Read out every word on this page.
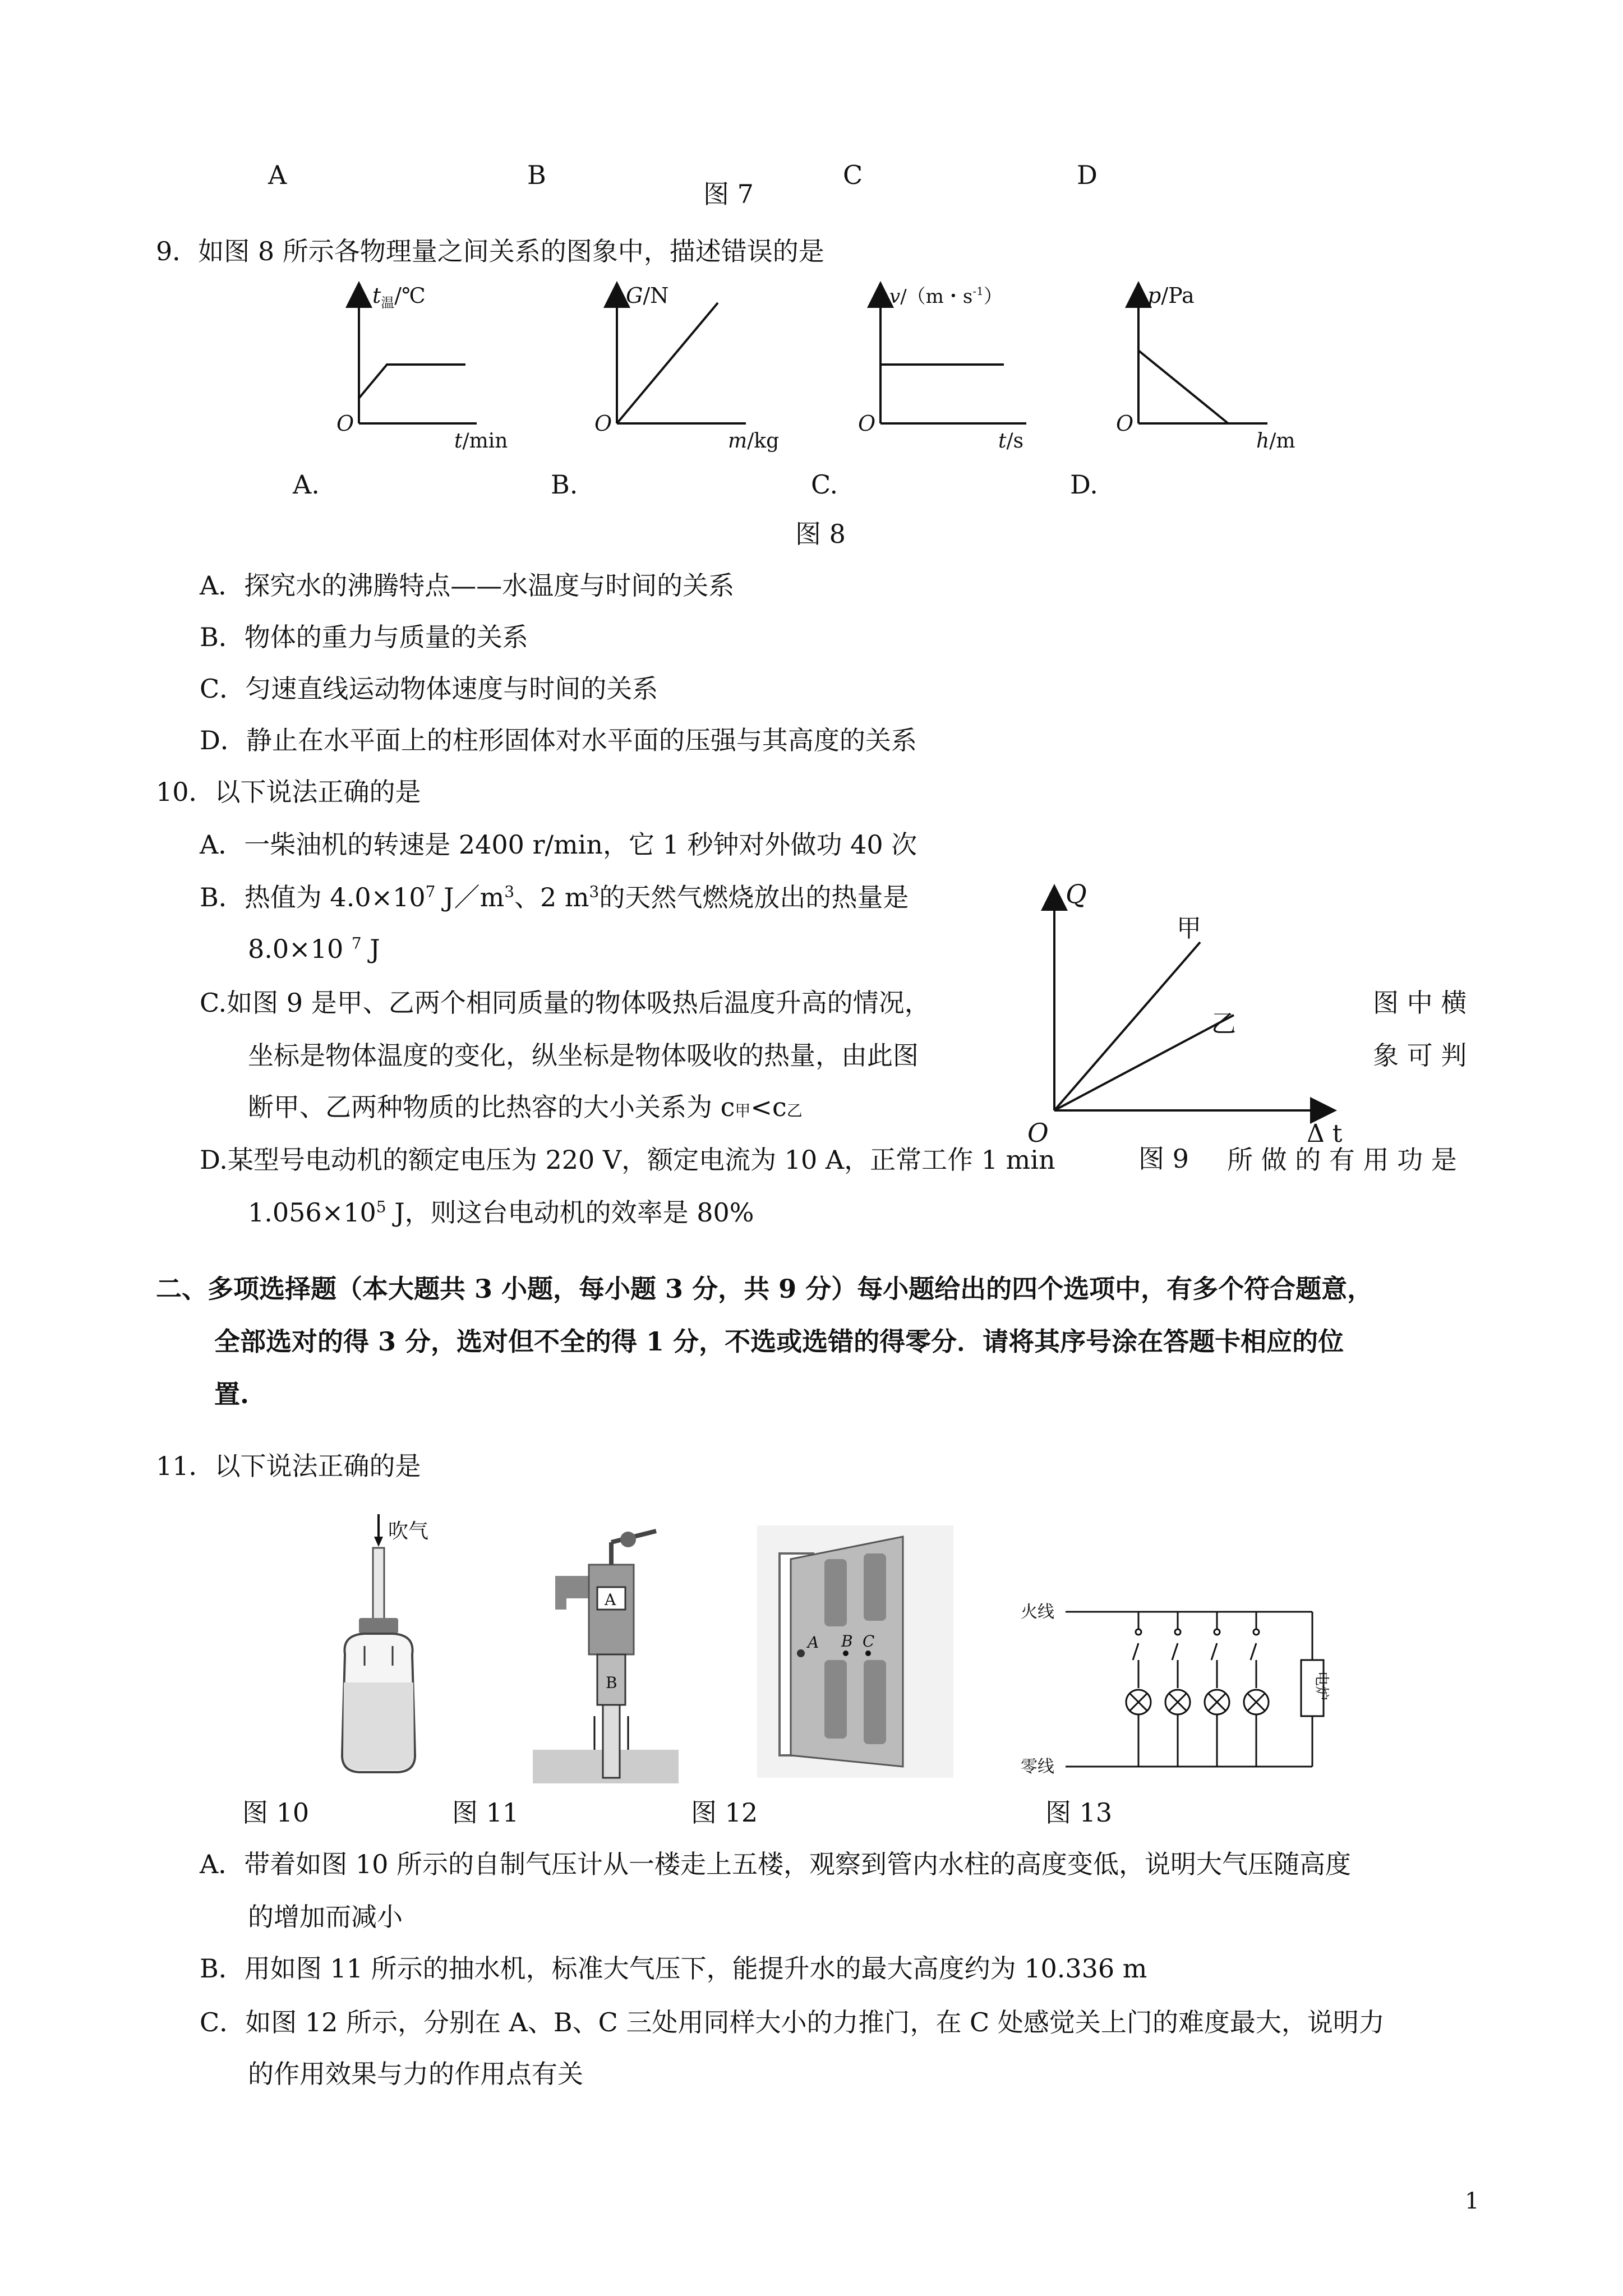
A	B	C	D
图 7
9．如图 8 所示各物理量之间关系的图象中，描述错误的是
$t_温/℃$
O
t/min
G/N
O
m/kg
v/（m・$s^{-1}$）
O
t/s
p/Pa
O
h/m
A.	B.	C.	D.
图 8
A．探究水的沸腾特点——水温度与时间的关系
B．物体的重力与质量的关系
C．匀速直线运动物体速度与时间的关系
D．静止在水平面上的柱形固体对水平面的压强与其高度的关系
10．以下说法正确的是
A．一柴油机的转速是 2400 r/min，它 1 秒钟对外做功 40 次
B．热值为 $4.0\times 10^7$ $J/m^3$、2 $m^3$的天然气燃烧放出的热量是
8.0×10 $^7$ J
C.如图 9 是甲、乙两个相同质量的物体吸热后温度升高的情况，	图 中 横
坐标是物体温度的变化，纵坐标是物体吸收的热量，由此图	象 可 判
断甲、乙两种物质的比热容的大小关系为 c甲<c乙
D.某型号电动机的额定电压为 220 V，额定电流为 10 A，正常工作 1 min	所 做 的 有 用 功 是
$1.056\times 10^5$ J，则这台电动机的效率是 80%
Q
甲
乙
O	Δ t
图 9
二、多项选择题（本大题共 3 小题，每小题 3 分，共 9 分）每小题给出的四个选项中，有多个符合题意，
全部选对的得 3 分，选对但不全的得 1 分，不选或选错的得零分．请将其序号涂在答题卡相应的位
置.
11．以下说法正确的是
吹气
A
B
A B C
火线
零线
电炉
图 10	图 11	图 12	图 13
A．带着如图 10 所示的自制气压计从一楼走上五楼，观察到管内水柱的高度变低，说明大气压随高度
的增加而减小
B．用如图 11 所示的抽水机，标准大气压下，能提升水的最大高度约为 10.336 m
C．如图 12 所示，分别在 A、B、C 三处用同样大小的力推门，在 C 处感觉关上门的难度最大，说明力
的作用效果与力的作用点有关
1
